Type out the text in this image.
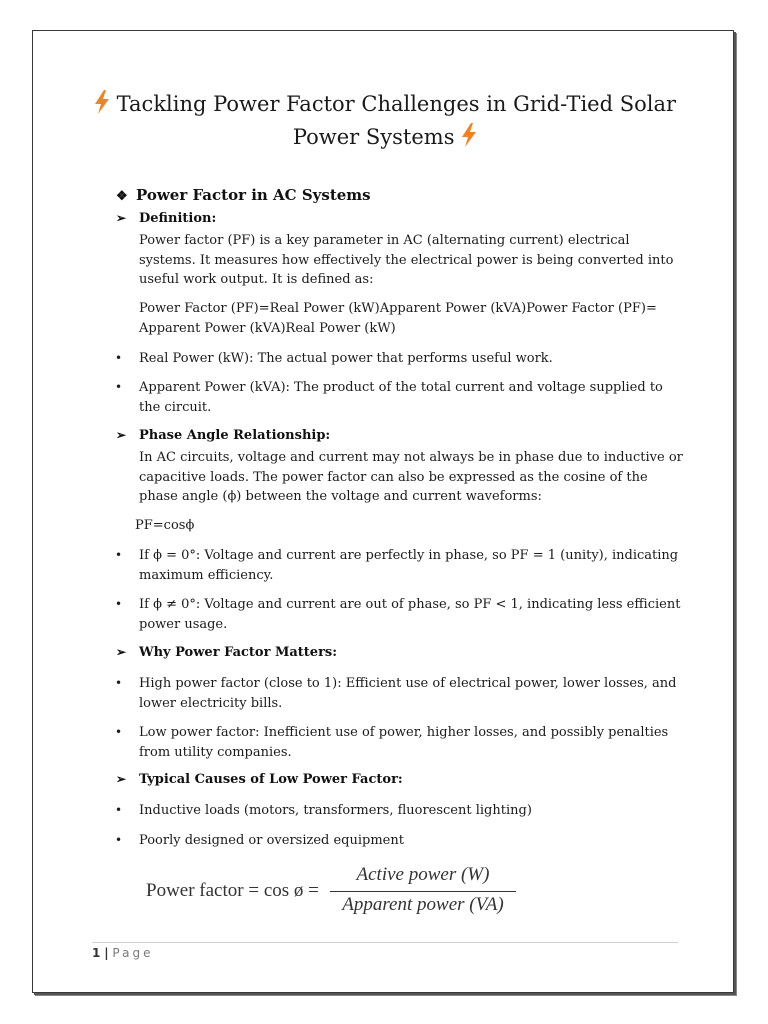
Tackling Power Factor Challenges in Grid-Tied Solar
Power Systems
❖ Power Factor in AC Systems
➢ Definition:

Power factor (PF) is a key parameter in AC (alternating current) electrical systems. It measures how effectively the electrical power is being converted into useful work output. It is defined as:

Power Factor (PF)=Real Power (kW)Apparent Power (kVA)Power Factor (PF)= Apparent Power (kVA)Real Power (kW)

• Real Power (kW): The actual power that performs useful work.
• Apparent Power (kVA): The product of the total current and voltage supplied to the circuit.
➢ Phase Angle Relationship:

In AC circuits, voltage and current may not always be in phase due to inductive or capacitive loads. The power factor can also be expressed as the cosine of the phase angle (ϕ) between the voltage and current waveforms:

PF=cosϕ
• If ϕ = 0°: Voltage and current are perfectly in phase, so PF = 1 (unity), indicating maximum efficiency.
• If ϕ ≠ 0°: Voltage and current are out of phase, so PF < 1, indicating less efficient power usage.
➢ Why Power Factor Matters:
• High power factor (close to 1): Efficient use of electrical power, lower losses, and lower electricity bills.
• Low power factor: Inefficient use of power, higher losses, and possibly penalties from utility companies.
➢ Typical Causes of Low Power Factor:
• Inductive loads (motors, transformers, fluorescent lighting)
• Poorly designed or oversized equipment
Power factor = cos ø =
Active power (W)
Apparent power (VA)
1 | Page
